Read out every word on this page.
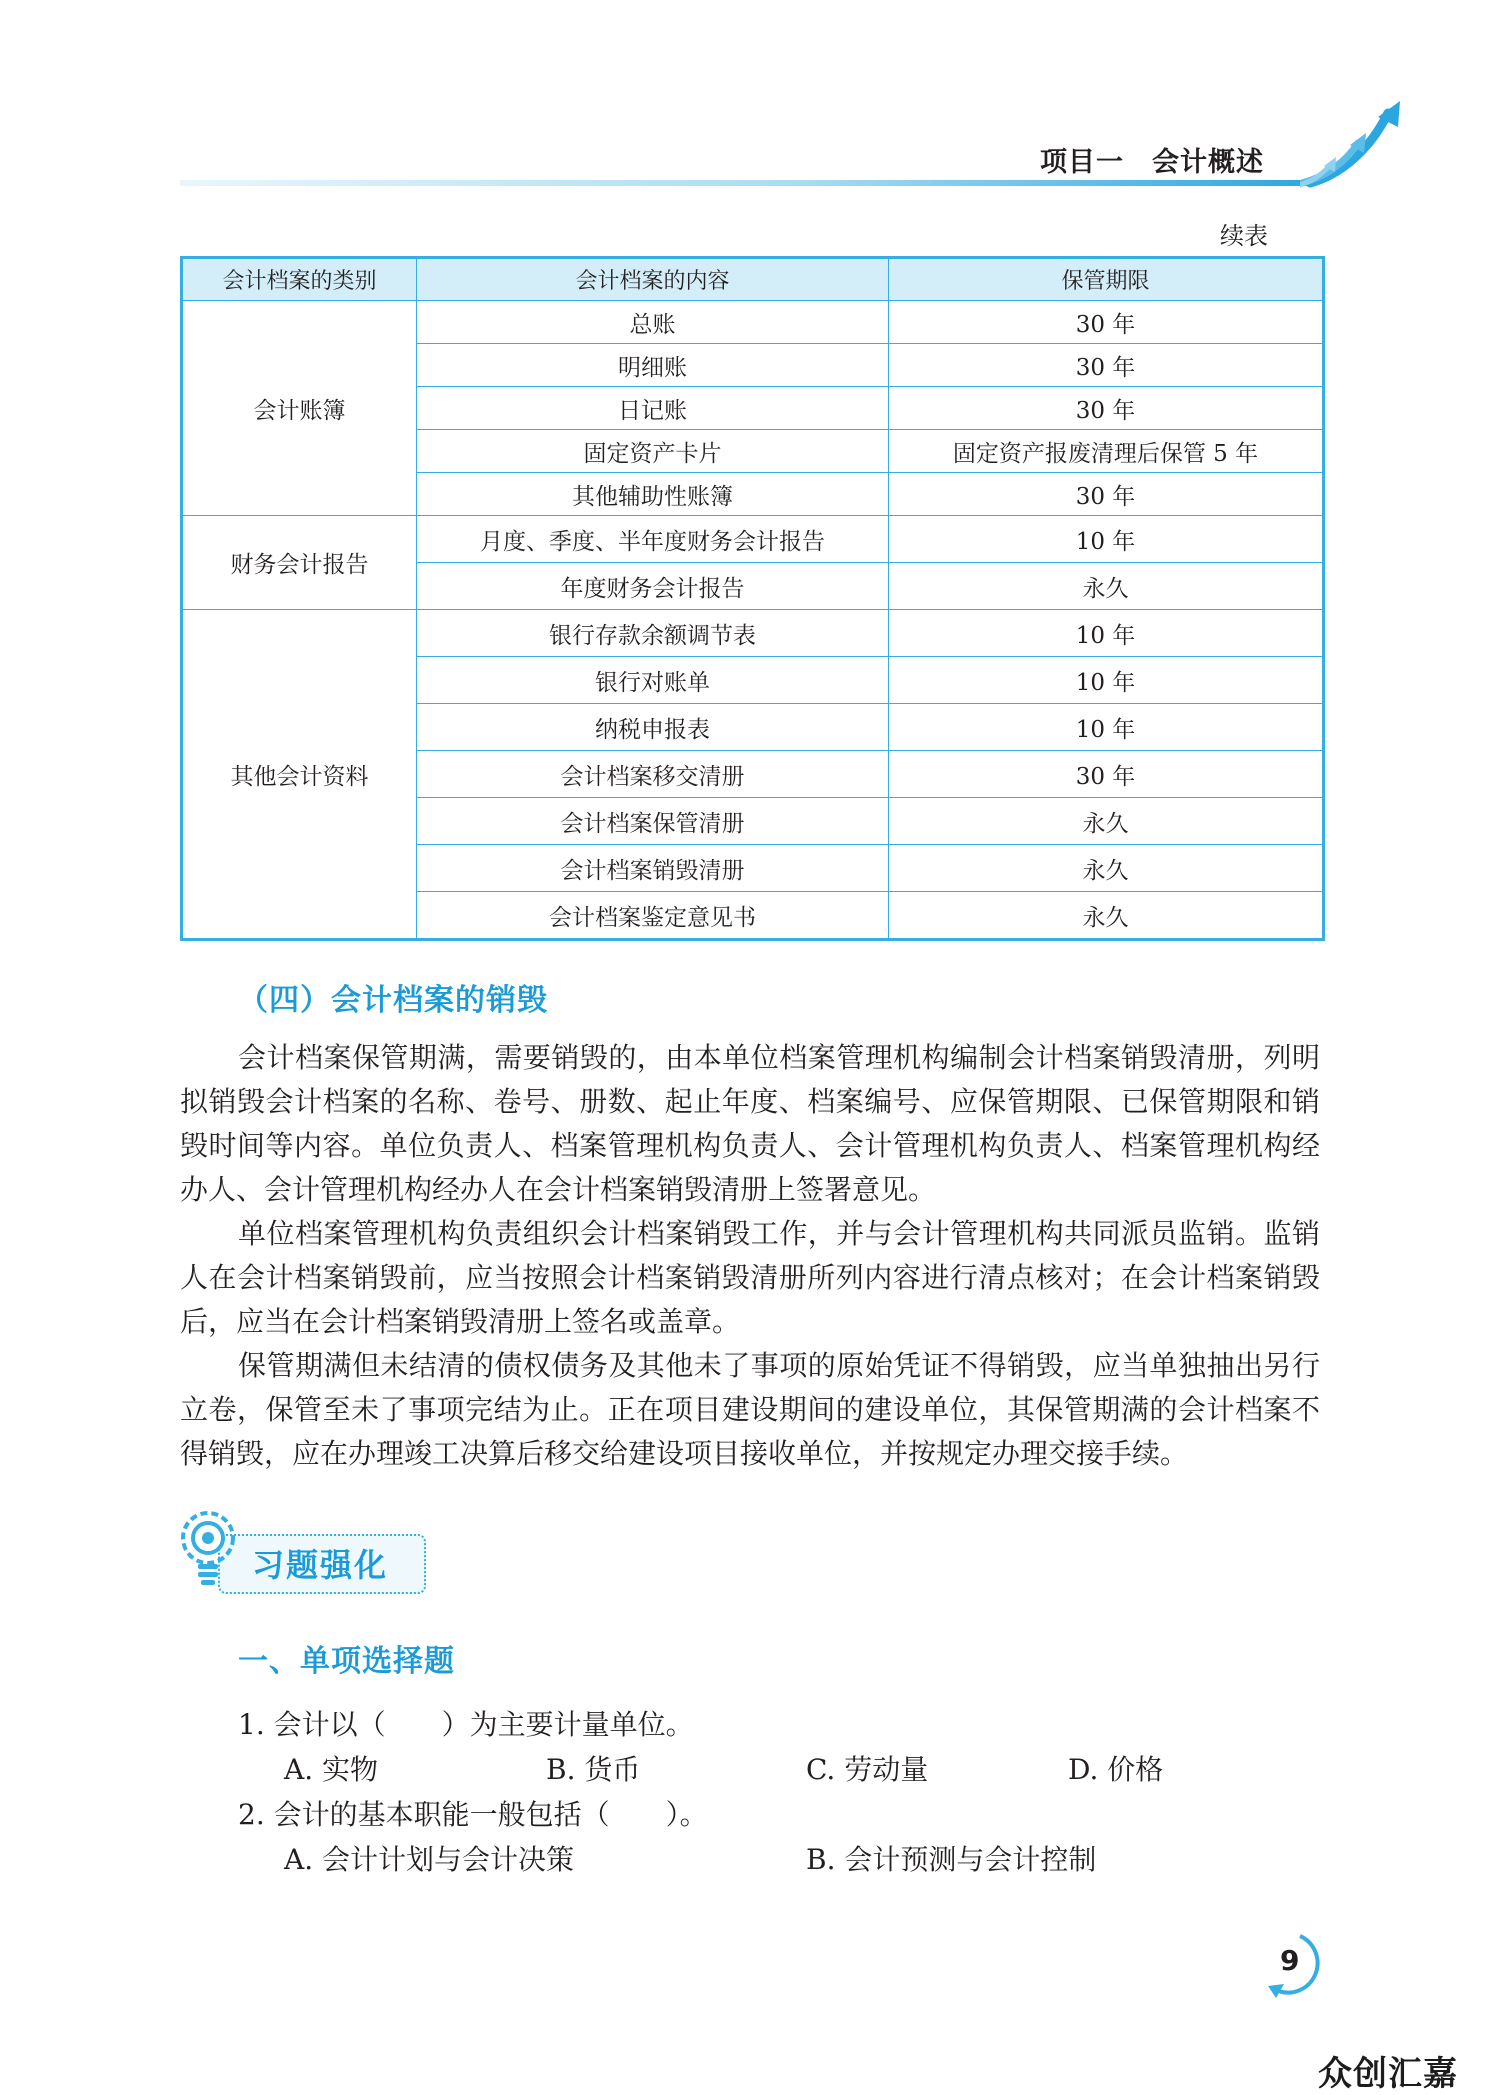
项目一　会计概述
续表
会计档案的类别	会计档案的内容	保管期限
会计账簿	总账	30 年
	明细账	30 年
	日记账	30 年
	固定资产卡片	固定资产报废清理后保管 5 年
	其他辅助性账簿	30 年
财务会计报告	月度、季度、半年度财务会计报告	10 年
	年度财务会计报告	永久
其他会计资料	银行存款余额调节表	10 年
	银行对账单	10 年
	纳税申报表	10 年
	会计档案移交清册	30 年
	会计档案保管清册	永久
	会计档案销毁清册	永久
	会计档案鉴定意见书	永久
（四）会计档案的销毁

会计档案保管期满，需要销毁的，由本单位档案管理机构编制会计档案销毁清册，列明拟销毁会计档案的名称、卷号、册数、起止年度、档案编号、应保管期限、已保管期限和销毁时间等内容。单位负责人、档案管理机构负责人、会计管理机构负责人、档案管理机构经办人、会计管理机构经办人在会计档案销毁清册上签署意见。

单位档案管理机构负责组织会计档案销毁工作，并与会计管理机构共同派员监销。监销人在会计档案销毁前，应当按照会计档案销毁清册所列内容进行清点核对；在会计档案销毁后，应当在会计档案销毁清册上签名或盖章。

保管期满但未结清的债权债务及其他未了事项的原始凭证不得销毁，应当单独抽出另行立卷，保管至未了事项完结为止。正在项目建设期间的建设单位，其保管期满的会计档案不得销毁，应在办理竣工决算后移交给建设项目接收单位，并按规定办理交接手续。

习题强化
一、单项选择题
1. 会计以（　　）为主要计量单位。
A. 实物	B. 货币	C. 劳动量	D. 价格
2. 会计的基本职能一般包括（　　）。
A. 会计计划与会计决策	B. 会计预测与会计控制
9
众创汇嘉
